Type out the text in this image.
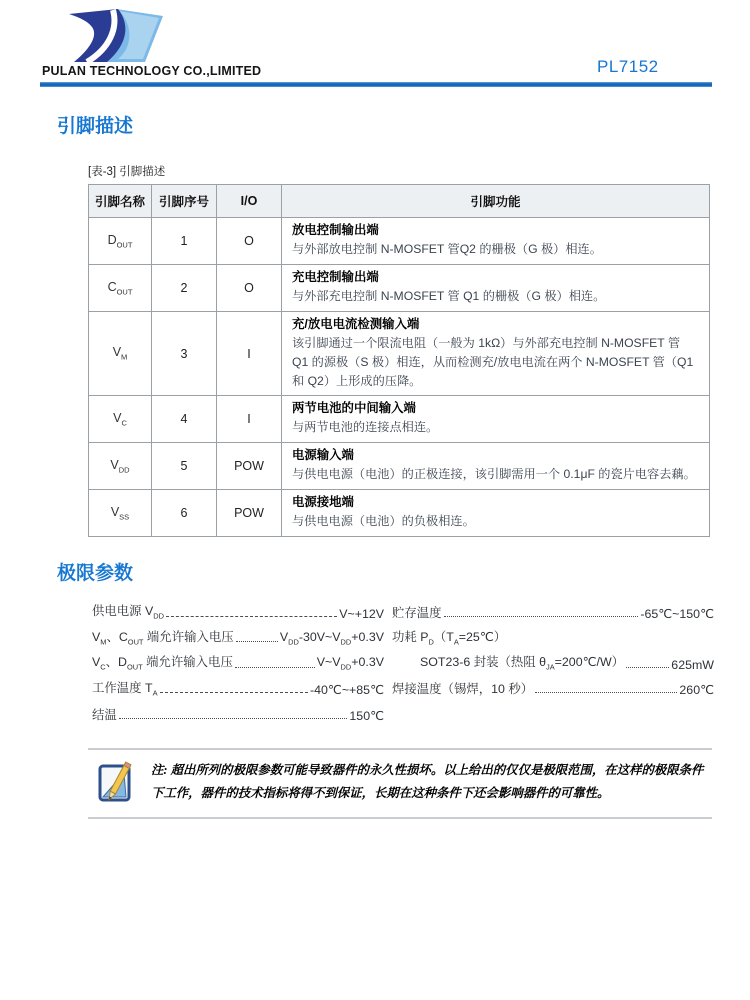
PULAN TECHNOLOGY CO.,LIMITED	PL7152
引脚描述
[表-3] 引脚描述
引脚名称	引脚序号	I/O	引脚功能
$D_{OUT}$	1	O	放电控制输出端
与外部放电控制 N-MOSFET 管Q2 的栅极（G 极）相连。

$C_{OUT}$	2	O	充电控制输出端
与外部充电控制 N-MOSFET 管 Q1 的栅极（G 极）相连。

$V_M$	3	I	充/放电电流检测输入端
该引脚通过一个限流电阻（一般为 1kΩ）与外部充电控制 N-MOSFET 管 Q1 的源极（S 极）相连，从而检测充/放电电流在两个 N-MOSFET 管（Q1 和 Q2）上形成的压降。

$V_C$	4	I	两节电池的中间输入端
与两节电池的连接点相连。

$V_{DD}$	5	POW	电源输入端
与供电电源（电池）的正极连接，该引脚需用一个 0.1μF 的瓷片电容去藕。

$V_{SS}$	6	POW	电源接地端
与供电电源（电池）的负极相连。
极限参数
供电电源 $V_{DD}$	V~+12V
$V_M$、$C_{OUT}$ 端允许输入电压	$V_{DD}-30V\sim V_{DD}+0.3V$
$V_C$、$D_{OUT}$ 端允许输入电压	$V\sim V_{DD}+0.3V$
工作温度 $T_A$	-40℃~+85℃
结温	150℃
贮存温度	-65℃~150℃
功耗 $P_D(T_A=25℃)$
SOT23-6 封装（热阻 $\theta_{JA}=200℃/W$）	625mW
焊接温度（锡焊，10 秒）	260℃
注: 超出所列的极限参数可能导致器件的永久性损坏。以上给出的仅仅是极限范围，在这样的极限条件下工作，器件的技术指标将得不到保证，长期在这种条件下还会影响器件的可靠性。
